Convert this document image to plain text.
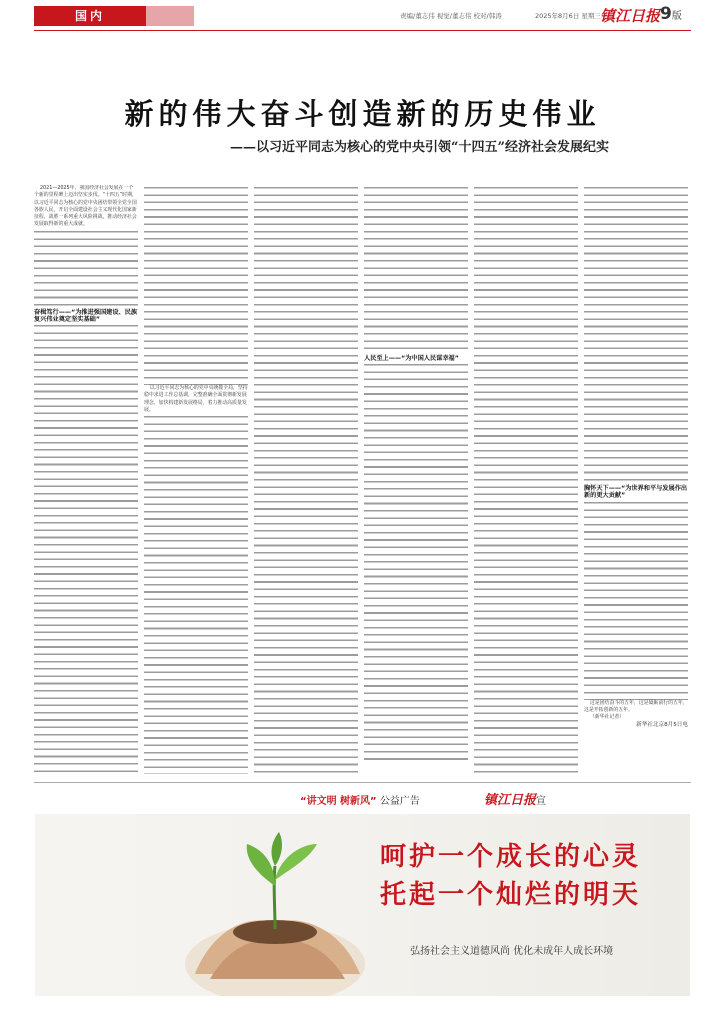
国内	责编/董志伟 视觉/董志伟 校对/韩涛	2025年8月6日 星期三 镇江日报 9版
新的伟大奋斗创造新的历史伟业
——以习近平同志为核心的党中央引领“十四五”经济社会发展纪实

2021—2025年，我国经济社会发展在一个个新的里程碑上迈出坚实步伐。“十四五”时期，以习近平同志为核心的党中央团结带领全党全国各族人民，开启全面建设社会主义现代化国家新征程，战胜一系列重大风险挑战，推动经济社会发展取得新的重大成就。

奋楫笃行——“为推进强国建设、民族复兴伟业奠定坚实基础”

以习近平同志为核心的党中央统揽全局，坚持稳中求进工作总基调，完整准确全面贯彻新发展理念，加快构建新发展格局，着力推动高质量发展。

人民至上——“为中国人民谋幸福”

胸怀天下——“为世界和平与发展作出新的更大贡献”

这是团结奋斗的五年，这是砥砺前行的五年，这是开拓创新的五年。

（新华社记者）

新华社北京8月5日电

“讲文明 树新风” 公益广告	镇江日报 宣
呵护一个成长的心灵
托起一个灿烂的明天
弘扬社会主义道德风尚 优化未成年人成长环境
